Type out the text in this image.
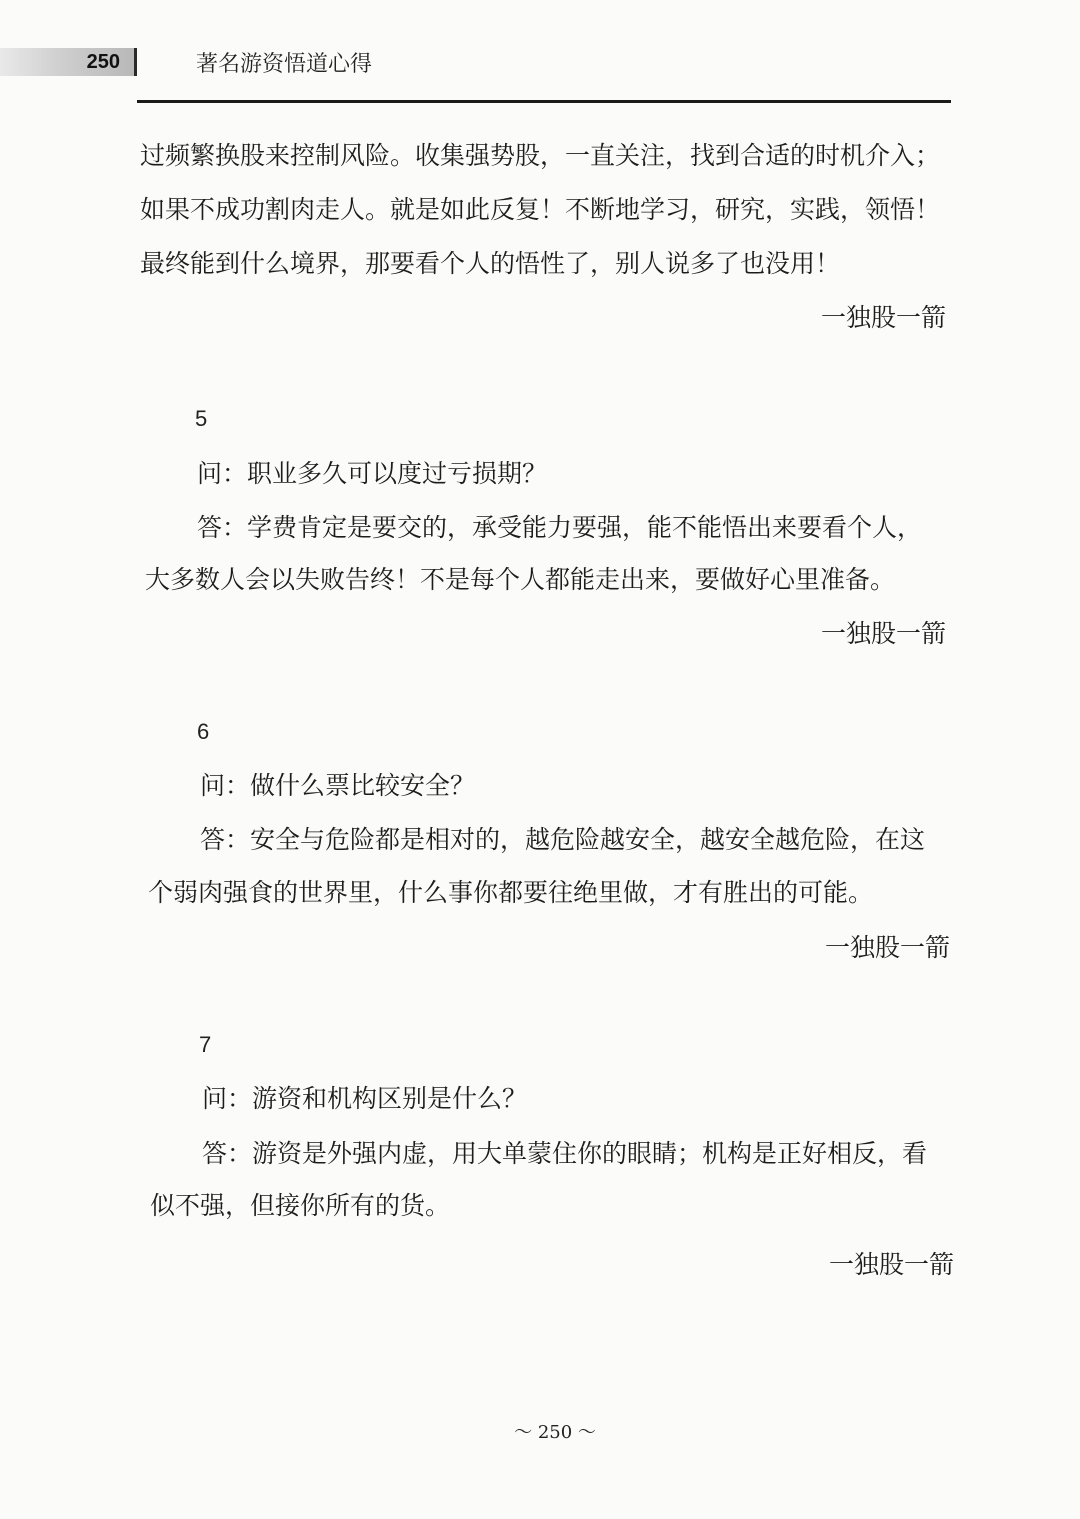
250	著名游资悟道心得
过频繁换股来控制风险。收集强势股，一直关注，找到合适的时机介入；
如果不成功割肉走人。就是如此反复！不断地学习，研究，实践，领悟！
最终能到什么境界，那要看个人的悟性了，别人说多了也没用！
一独股一箭
5
问：职业多久可以度过亏损期？
答：学费肯定是要交的，承受能力要强，能不能悟出来要看个人，
大多数人会以失败告终！不是每个人都能走出来，要做好心里准备。
一独股一箭
6
问：做什么票比较安全？
答：安全与危险都是相对的，越危险越安全，越安全越危险，在这
个弱肉强食的世界里，什么事你都要往绝里做，才有胜出的可能。
一独股一箭
7
问：游资和机构区别是什么？
答：游资是外强内虚，用大单蒙住你的眼睛；机构是正好相反，看
似不强，但接你所有的货。
一独股一箭
～ 250 ～
